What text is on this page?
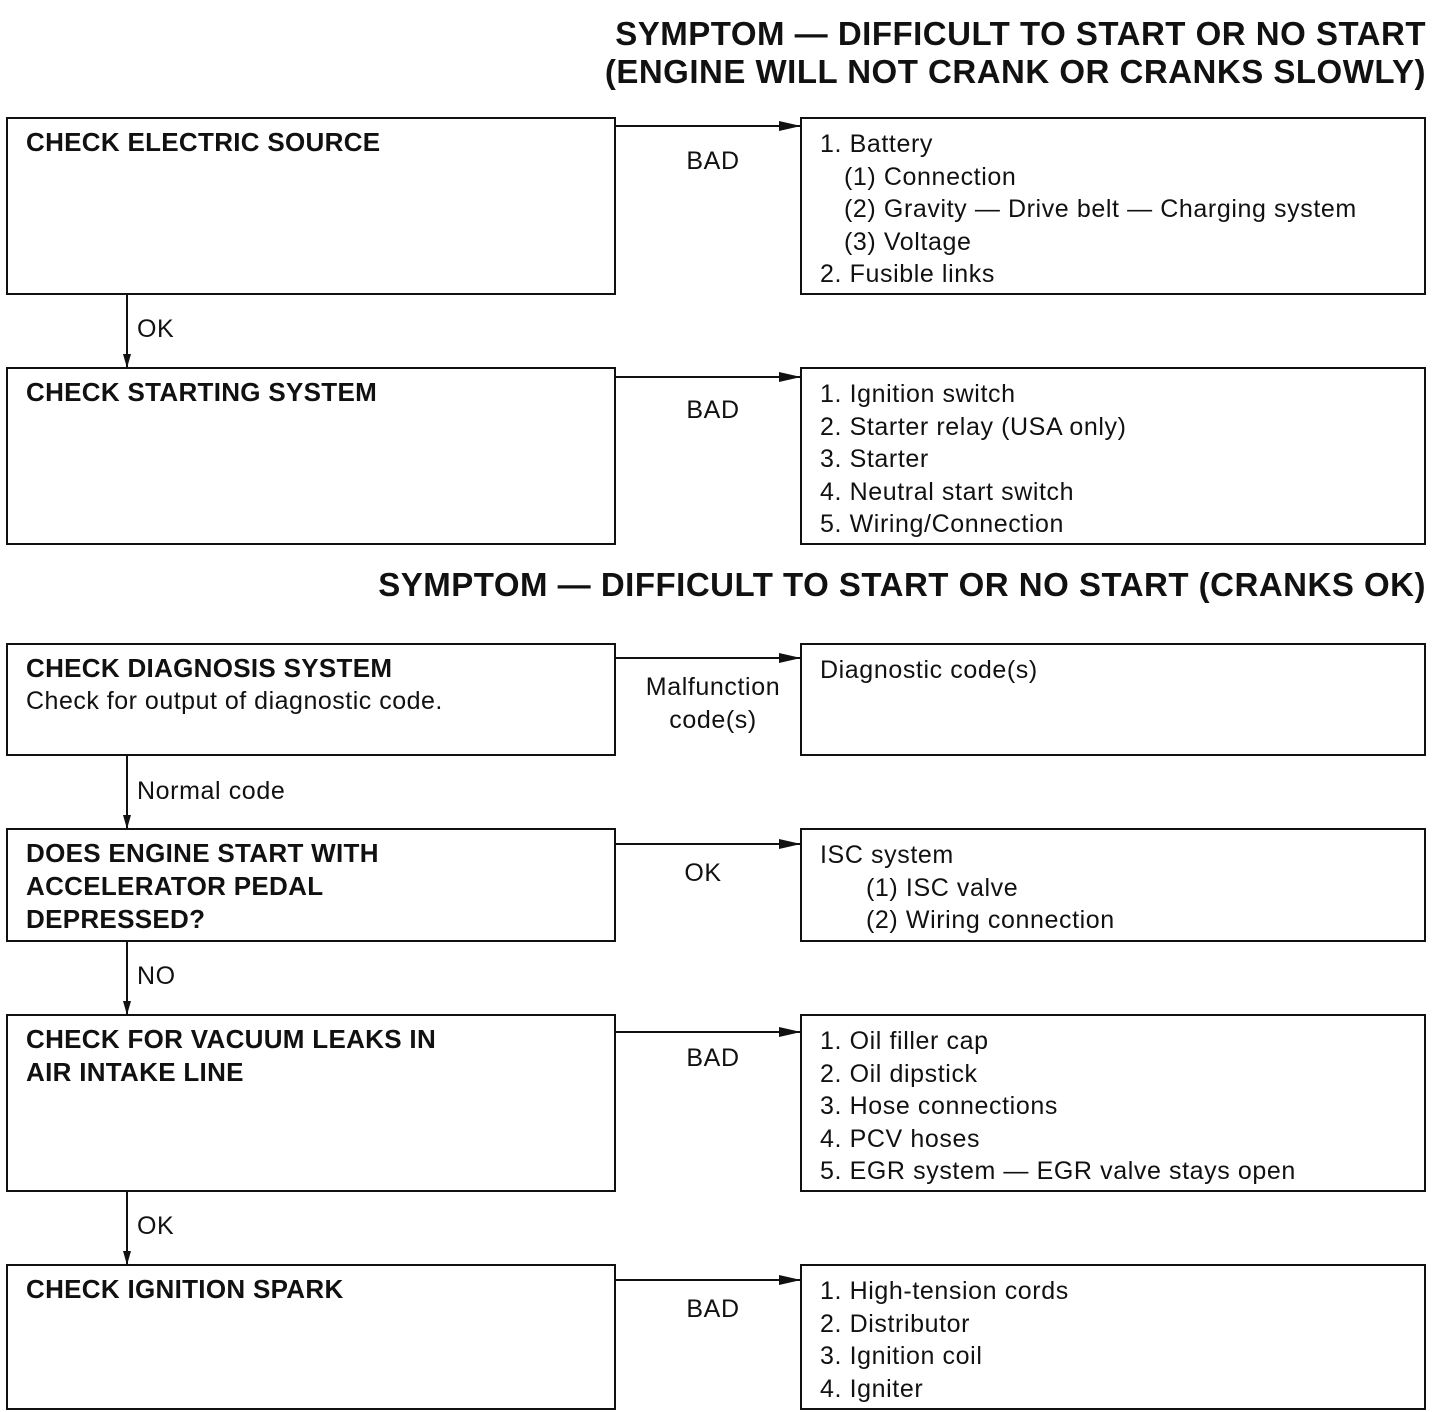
SYMPTOM — DIFFICULT TO START OR NO START
(ENGINE WILL NOT CRANK OR CRANKS SLOWLY)
CHECK ELECTRIC SOURCE
BAD
1. Battery
(1) Connection
(2) Gravity — Drive belt — Charging system
(3) Voltage
2. Fusible links
OK
CHECK STARTING SYSTEM
BAD
1. Ignition switch
2. Starter relay (USA only)
3. Starter
4. Neutral start switch
5. Wiring/Connection
SYMPTOM — DIFFICULT TO START OR NO START (CRANKS OK)
CHECK DIAGNOSIS SYSTEM
Check for output of diagnostic code.	Malfunction
code(s)
Diagnostic code(s)
Normal code
DOES ENGINE START WITH
ACCELERATOR PEDAL
DEPRESSED?
OK
ISC system
(1) ISC valve
(2) Wiring connection
NO
CHECK FOR VACUUM LEAKS IN
AIR INTAKE LINE	BAD
1. Oil filler cap
2. Oil dipstick
3. Hose connections
4. PCV hoses
5. EGR system — EGR valve stays open
OK
CHECK IGNITION SPARK
BAD
1. High-tension cords
2. Distributor
3. Ignition coil
4. Igniter
